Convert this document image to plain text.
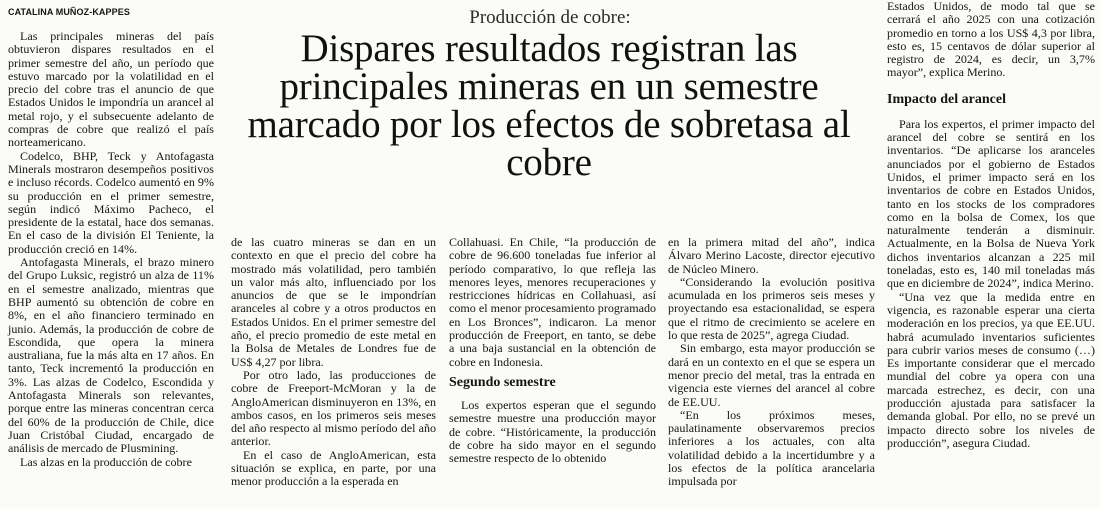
CATALINA MUÑOZ-KAPPES	Producción de cobre:
Dispares resultados registran las principales mineras en un semestre marcado por los efectos de sobretasa al cobre

Las principales mineras del país obtuvieron dispares resultados en el primer semestre del año, un período que estuvo marcado por la volatilidad en el precio del cobre tras el anuncio de que Estados Unidos le impondría un arancel al metal rojo, y el subsecuente adelanto de compras de cobre que realizó el país norteamericano.

Codelco, BHP, Teck y Antofagasta Minerals mostraron desempeños positivos e incluso récords. Codelco aumentó en 9% su producción en el primer semestre, según indicó Máximo Pacheco, el presidente de la estatal, hace dos semanas. En el caso de la división El Teniente, la producción creció en 14%.

Antofagasta Minerals, el brazo minero del Grupo Luksic, registró un alza de 11% en el semestre analizado, mientras que BHP aumentó su obtención de cobre en 8%, en el año financiero terminado en junio. Además, la producción de cobre de Escondida, que opera la minera australiana, fue la más alta en 17 años. En tanto, Teck incrementó la producción en 3%. Las alzas de Codelco, Escondida y Antofagasta Minerals son relevantes, porque entre las mineras concentran cerca del 60% de la producción de Chile, dice Juan Cristóbal Ciudad, encargado de análisis de mercado de Plusmining.

Las alzas en la producción de cobre

de las cuatro mineras se dan en un contexto en que el precio del cobre ha mostrado más volatilidad, pero también un valor más alto, influenciado por los anuncios de que se le impondrían aranceles al cobre y a otros productos en Estados Unidos. En el primer semestre del año, el precio promedio de este metal en la Bolsa de Metales de Londres fue de US$ 4,27 por libra.

Por otro lado, las producciones de cobre de Freeport-McMoran y la de AngloAmerican disminuyeron en 13%, en ambos casos, en los primeros seis meses del año respecto al mismo período del año anterior.

En el caso de AngloAmerican, esta situación se explica, en parte, por una menor producción a la esperada en

Collahuasi. En Chile, “la producción de cobre de 96.600 toneladas fue inferior al período comparativo, lo que refleja las menores leyes, menores recuperaciones y restricciones hídricas en Collahuasi, así como el menor procesamiento programado en Los Bronces”, indicaron. La menor producción de Freeport, en tanto, se debe a una baja sustancial en la obtención de cobre en Indonesia.

Segundo semestre

Los expertos esperan que el segundo semestre muestre una producción mayor de cobre. “Históricamente, la producción de cobre ha sido mayor en el segundo semestre respecto de lo obtenido

en la primera mitad del año”, indica Álvaro Merino Lacoste, director ejecutivo de Núcleo Minero.

“Considerando la evolución positiva acumulada en los primeros seis meses y proyectando esa estacionalidad, se espera que el ritmo de crecimiento se acelere en lo que resta de 2025”, agrega Ciudad.

Sin embargo, esta mayor producción se dará en un contexto en el que se espera un menor precio del metal, tras la entrada en vigencia este viernes del arancel al cobre de EE.UU.

“En los próximos meses, paulatinamente observaremos precios inferiores a los actuales, con alta volatilidad debido a la incertidumbre y a los efectos de la política arancelaria impulsada por

Estados Unidos, de modo tal que se cerrará el año 2025 con una cotización promedio en torno a los US$ 4,3 por libra, esto es, 15 centavos de dólar superior al registro de 2024, es decir, un 3,7% mayor”, explica Merino.

Impacto del arancel

Para los expertos, el primer impacto del arancel del cobre se sentirá en los inventarios. “De aplicarse los aranceles anunciados por el gobierno de Estados Unidos, el primer impacto será en los inventarios de cobre en Estados Unidos, tanto en los stocks de los compradores como en la bolsa de Comex, los que naturalmente tenderán a disminuir. Actualmente, en la Bolsa de Nueva York dichos inventarios alcanzan a 225 mil toneladas, esto es, 140 mil toneladas más que en diciembre de 2024”, indica Merino.

“Una vez que la medida entre en vigencia, es razonable esperar una cierta moderación en los precios, ya que EE.UU. habrá acumulado inventarios suficientes para cubrir varios meses de consumo (…) Es importante considerar que el mercado mundial del cobre ya opera con una marcada estrechez, es decir, con una producción ajustada para satisfacer la demanda global. Por ello, no se prevé un impacto directo sobre los niveles de producción”, asegura Ciudad.
